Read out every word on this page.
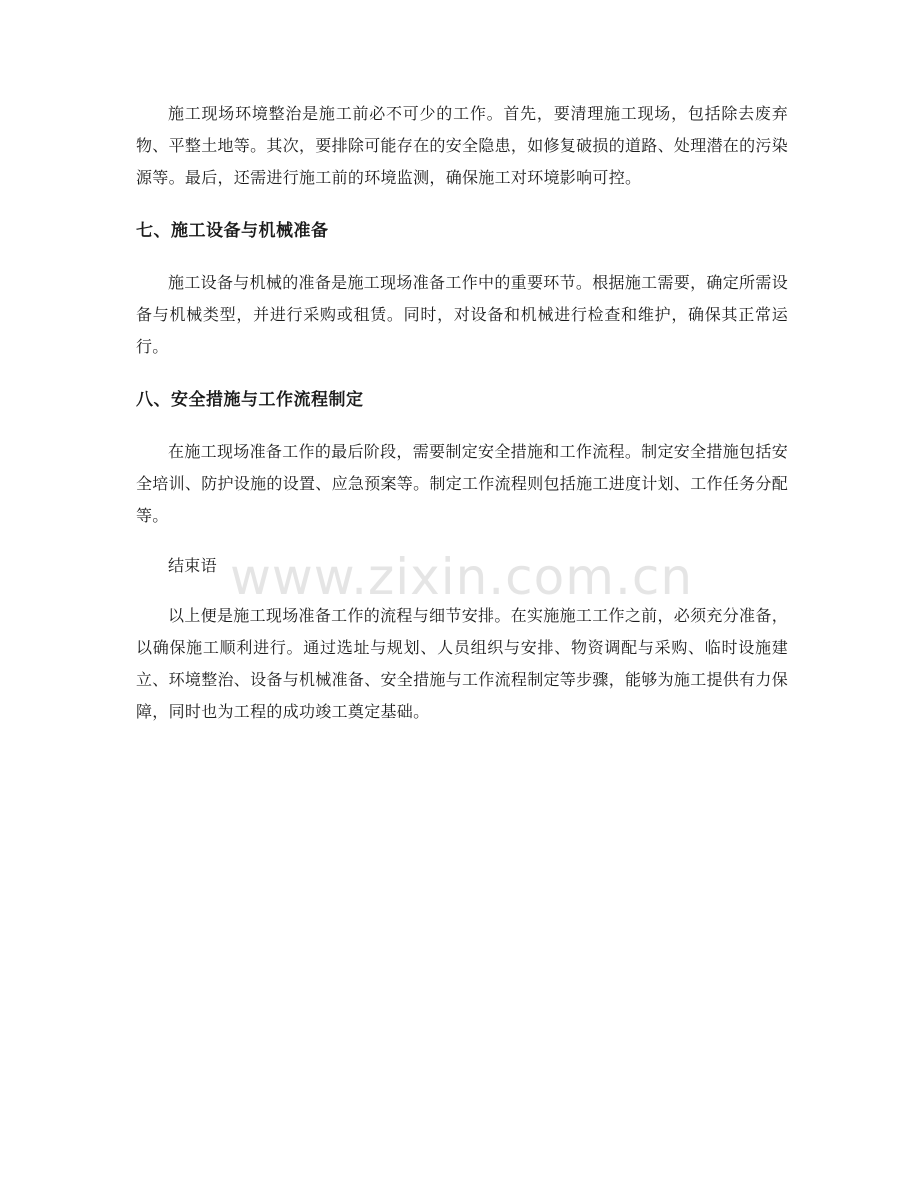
施工现场环境整治是施工前必不可少的工作。首先，要清理施工现场，包括除去废弃物、平整土地等。其次，要排除可能存在的安全隐患，如修复破损的道路、处理潜在的污染源等。最后，还需进行施工前的环境监测，确保施工对环境影响可控。

七、施工设备与机械准备

施工设备与机械的准备是施工现场准备工作中的重要环节。根据施工需要，确定所需设备与机械类型，并进行采购或租赁。同时，对设备和机械进行检查和维护，确保其正常运行。

八、安全措施与工作流程制定

在施工现场准备工作的最后阶段，需要制定安全措施和工作流程。制定安全措施包括安全培训、防护设施的设置、应急预案等。制定工作流程则包括施工进度计划、工作任务分配等。

结束语

以上便是施工现场准备工作的流程与细节安排。在实施施工工作之前，必须充分准备，以确保施工顺利进行。通过选址与规划、人员组织与安排、物资调配与采购、临时设施建立、环境整治、设备与机械准备、安全措施与工作流程制定等步骤，能够为施工提供有力保障，同时也为工程的成功竣工奠定基础。

www.zixin.com.cn
